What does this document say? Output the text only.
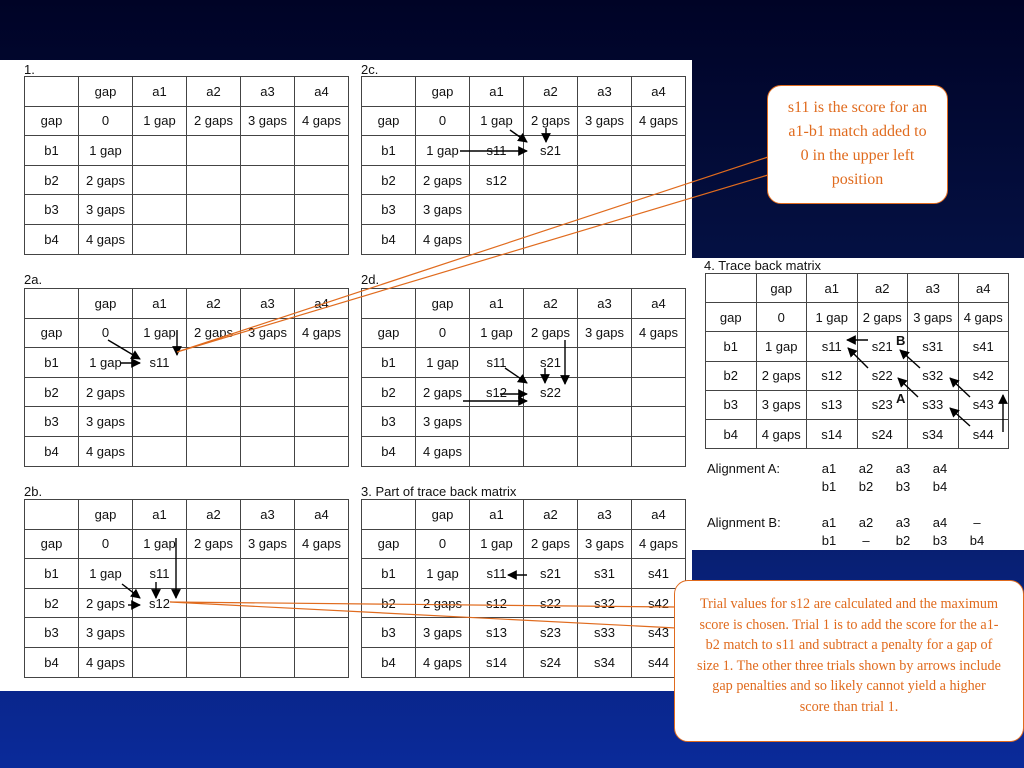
1.
	gap	a1	a2	a3	a4
gap	0	1 gap	2 gaps	3 gaps	4 gaps
b1	1 gap				
b2	2 gaps				
b3	3 gaps				
b4	4 gaps				
2c.
	gap	a1	a2	a3	a4
gap	0	1 gap	2 gaps	3 gaps	4 gaps
b1	1 gap	s11	s21		
b2	2 gaps	s12			
b3	3 gaps				
b4	4 gaps				
2a.
	gap	a1	a2	a3	a4
gap	0	1 gap	2 gaps	3 gaps	4 gaps
b1	1 gap	s11			
b2	2 gaps				
b3	3 gaps				
b4	4 gaps				
2d.
	gap	a1	a2	a3	a4
gap	0	1 gap	2 gaps	3 gaps	4 gaps
b1	1 gap	s11	s21		
b2	2 gaps	s12	s22		
b3	3 gaps				
b4	4 gaps				
2b.
	gap	a1	a2	a3	a4
gap	0	1 gap	2 gaps	3 gaps	4 gaps
b1	1 gap	s11			
b2	2 gaps	s12			
b3	3 gaps				
b4	4 gaps				
3. Part of trace back matrix
	gap	a1	a2	a3	a4
gap	0	1 gap	2 gaps	3 gaps	4 gaps
b1	1 gap	s11	s21	s31	s41
b2	2 gaps	s12	s22	s32	s42
b3	3 gaps	s13	s23	s33	s43
b4	4 gaps	s14	s24	s34	s44
4. Trace back matrix
	gap	a1	a2	a3	a4
gap	0	1 gap	2 gaps	3 gaps	4 gaps
b1	1 gap	s11	s21	s31	s41
b2	2 gaps	s12	s22	s32	s42
b3	3 gaps	s13	s23	s33	s43
b4	4 gaps	s14	s24	s34	s44
B
A
Alignment A:
Alignment B:
a1	a2	a3	a4
b1	b2	b3	b4
a1	a2	a3	a4	–
b1	–	b2	b3	b4
s11 is the score for an a1-b1 match added to 0 in the upper left position
Trial values for s12 are calculated and the maximum score is chosen. Trial 1 is to add the score for the a1-b2 match to s11 and subtract a penalty for a gap of size 1. The other three trials shown by arrows include gap penalties and so likely cannot yield a higher score than trial 1.
